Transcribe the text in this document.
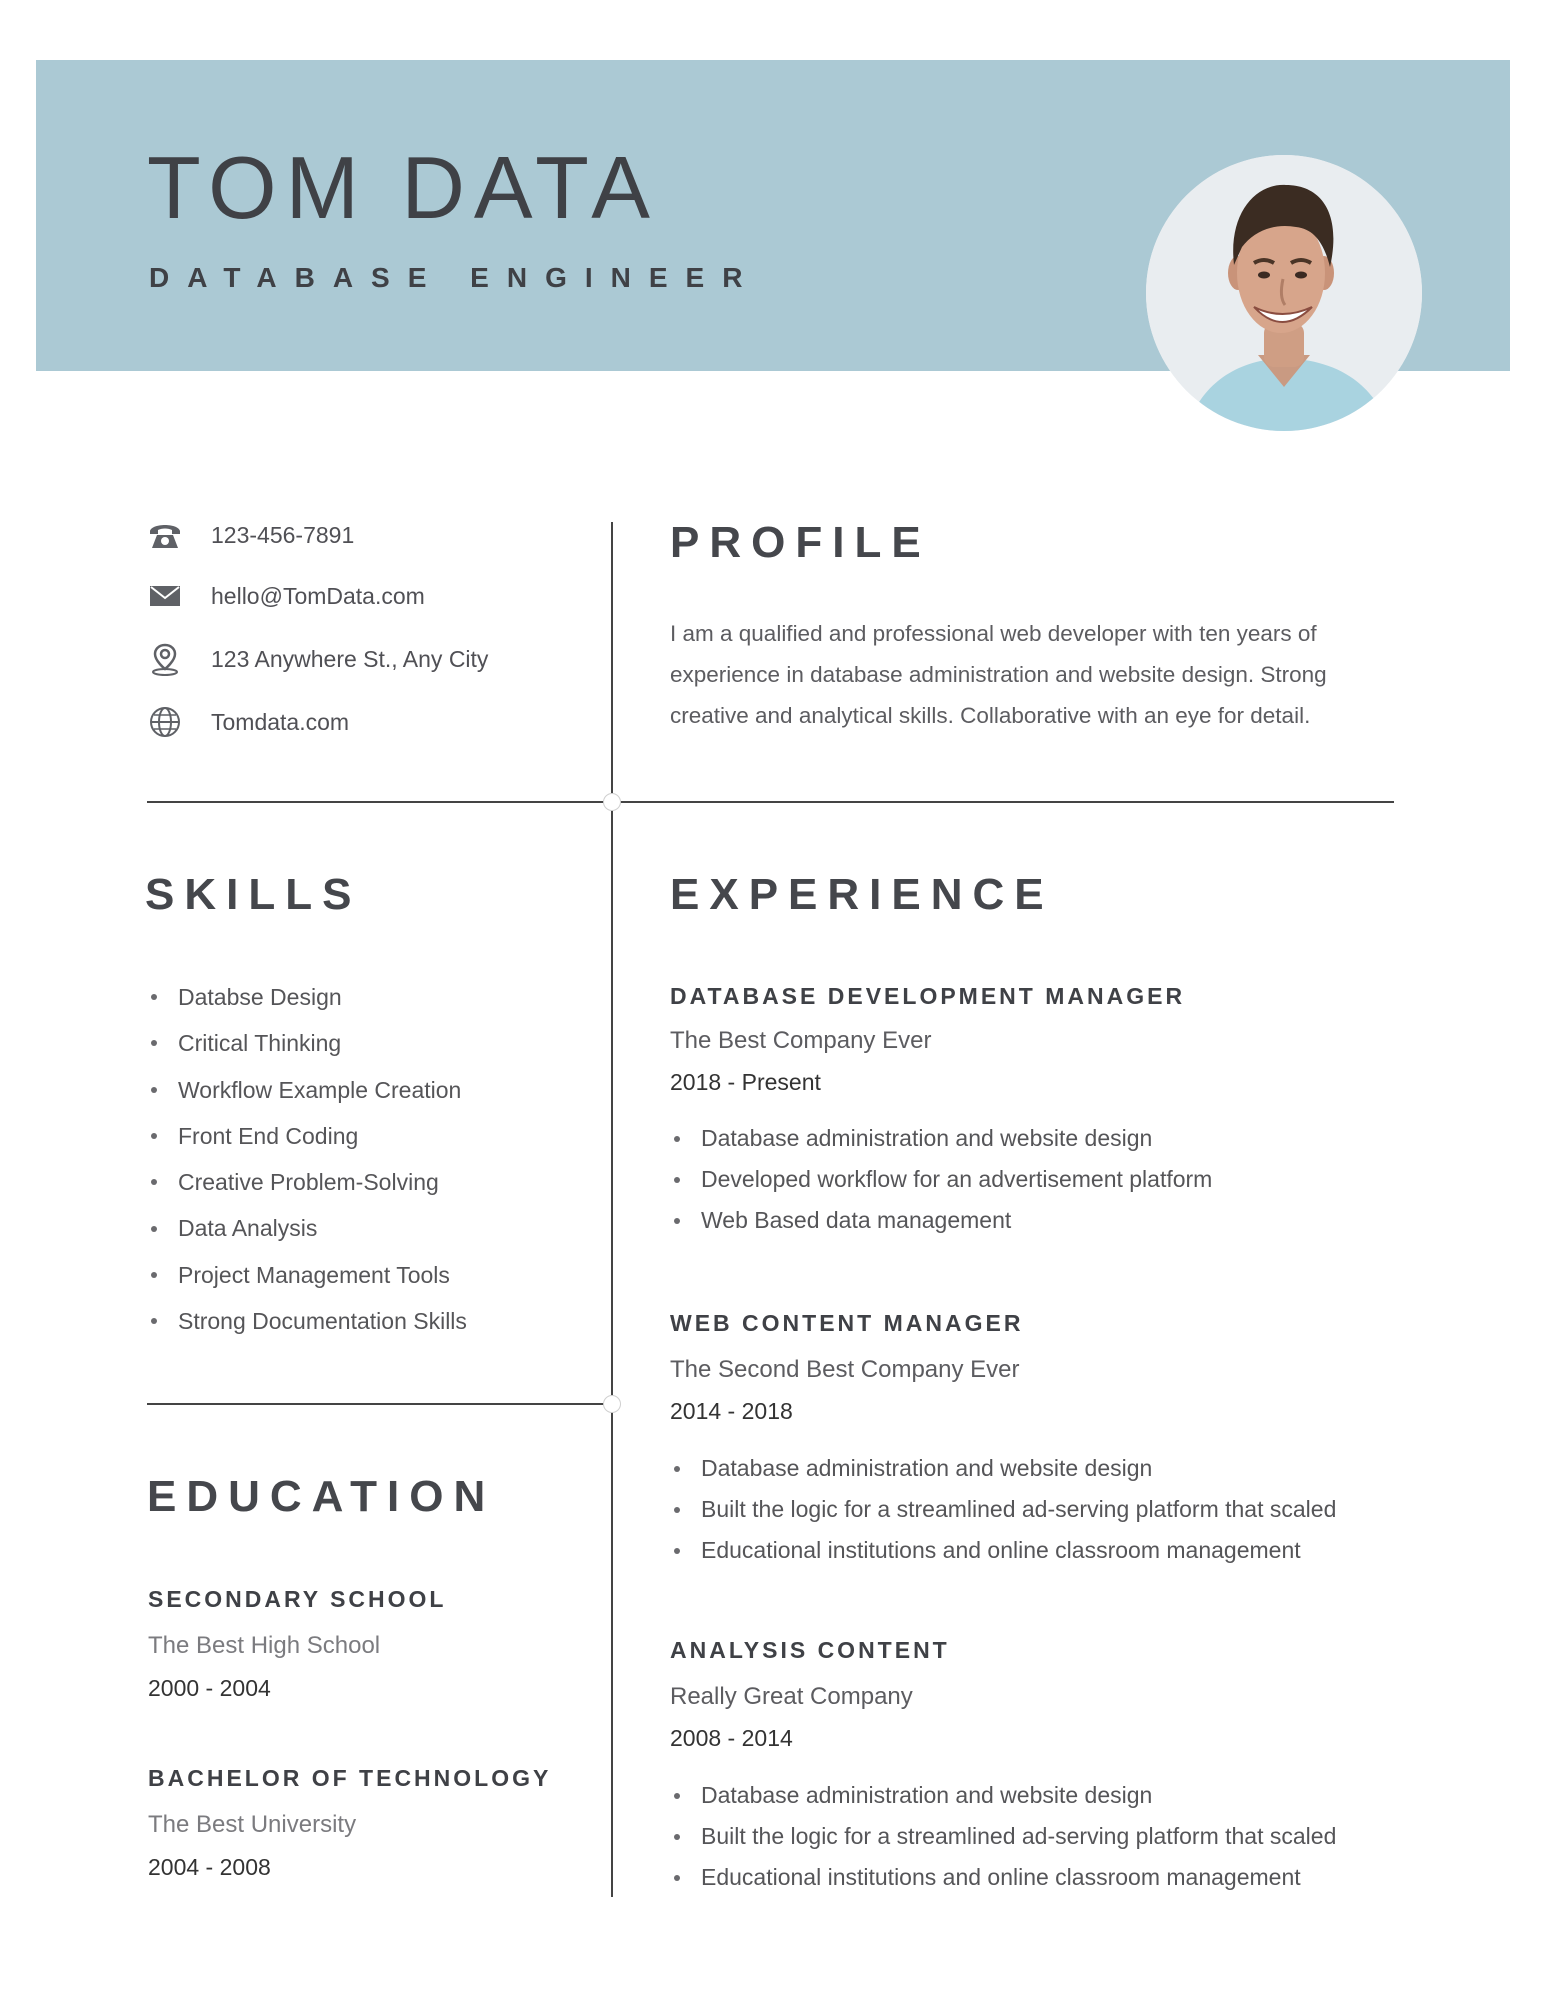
TOM DATA
DATABASE ENGINEER
123-456-7891
hello@TomData.com
123 Anywhere St., Any City
Tomdata.com
PROFILE
I am a qualified and professional web developer with ten years of
experience in database administration and website design. Strong
creative and analytical skills. Collaborative with an eye for detail.
SKILLS
Databse Design
Critical Thinking
Workflow Example Creation
Front End Coding
Creative Problem-Solving
Data Analysis
Project Management Tools
Strong Documentation Skills
EDUCATION
SECONDARY SCHOOL
The Best High School
2000 - 2004
BACHELOR OF TECHNOLOGY
The Best University
2004 - 2008
EXPERIENCE
DATABASE DEVELOPMENT MANAGER
The Best Company Ever
2018 - Present
Database administration and website design
Developed workflow for an advertisement platform
Web Based data management
WEB CONTENT MANAGER
The Second Best Company Ever
2014 - 2018
Database administration and website design
Built the logic for a streamlined ad-serving platform that scaled
Educational institutions and online classroom management
ANALYSIS CONTENT
Really Great Company
2008 - 2014
Database administration and website design
Built the logic for a streamlined ad-serving platform that scaled
Educational institutions and online classroom management
